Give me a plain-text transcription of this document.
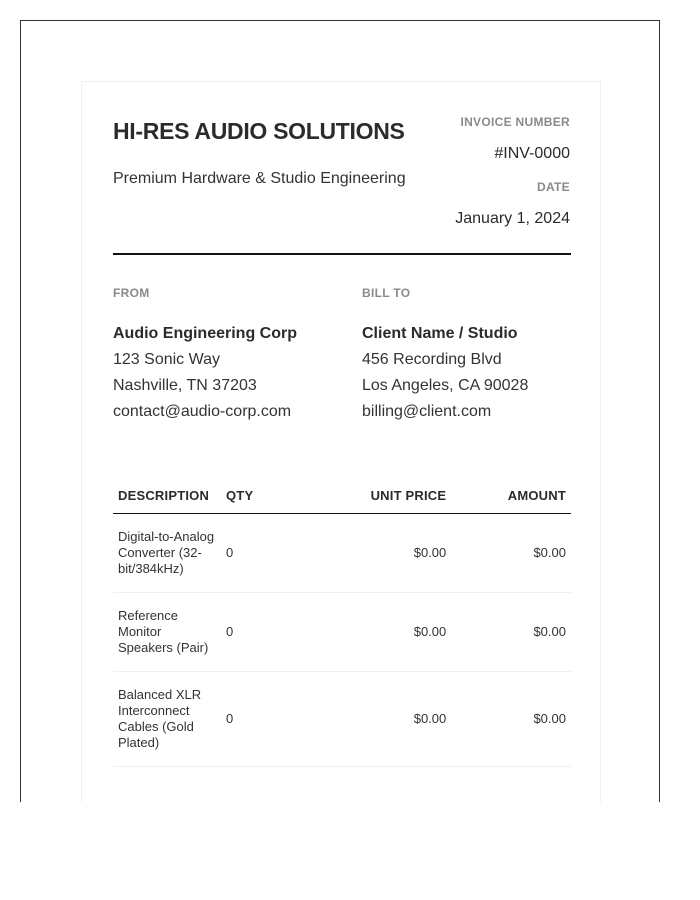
HI-RES AUDIO SOLUTIONS
Premium Hardware & Studio Engineering
INVOICE NUMBER
#INV-0000
DATE
January 1, 2024
FROM
Audio Engineering Corp
123 Sonic Way
Nashville, TN 37203
contact@audio-corp.com
BILL TO
Client Name / Studio
456 Recording Blvd
Los Angeles, CA 90028
billing@client.com
DESCRIPTION	QTY	UNIT PRICE	AMOUNT
Digital-to-Analog Converter (32-bit/384kHz)	0	$0.00	$0.00
Reference Monitor Speakers (Pair)	0	$0.00	$0.00
Balanced XLR Interconnect Cables (Gold Plated)	0	$0.00	$0.00
